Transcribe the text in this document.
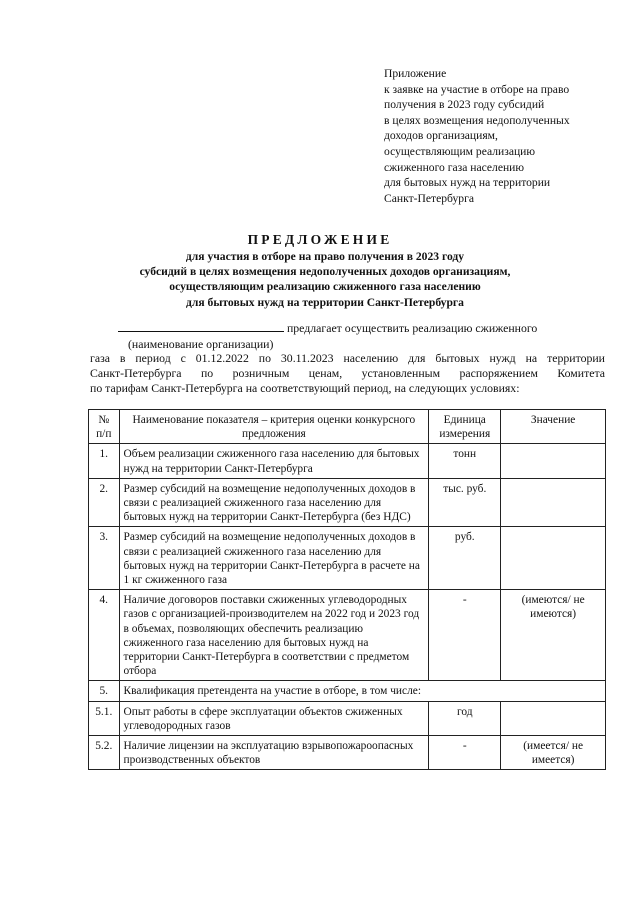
Приложение
к заявке на участие в отборе на право
получения в 2023 году субсидий
в целях возмещения недополученных
доходов организациям,
осуществляющим реализацию
сжиженного газа населению
для бытовых нужд на территории
Санкт-Петербурга
ПРЕДЛОЖЕНИЕ
для участия в отборе на право получения в 2023 году
субсидий в целях возмещения недополученных доходов организациям,
осуществляющим реализацию сжиженного газа населению
для бытовых нужд на территории Санкт-Петербурга
предлагает осуществить реализацию сжиженного
(наименование организации)
газа в период с 01.12.2022 по 30.11.2023 населению для бытовых нужд на территории
Санкт-Петербурга по розничным ценам, установленным распоряжением Комитета
по тарифам Санкт-Петербурга на соответствующий период, на следующих условиях:
№ п/п	Наименование показателя – критерия оценки конкурсного предложения	Единица измерения	Значение
1.	Объем реализации сжиженного газа населению для бытовых нужд на территории Санкт-Петербурга	тонн	
2.	Размер субсидий на возмещение недополученных доходов в связи с реализацией сжиженного газа населению для бытовых нужд на территории Санкт-Петербурга (без НДС)	тыс. руб.	
3.	Размер субсидий на возмещение недополученных доходов в связи с реализацией сжиженного газа населению для бытовых нужд на территории Санкт-Петербурга в расчете на 1 кг сжиженного газа	руб.	
4.	Наличие договоров поставки сжиженных углеводородных газов с организацией-производителем на 2022 год и 2023 год в объемах, позволяющих обеспечить реализацию сжиженного газа населению для бытовых нужд на территории Санкт-Петербурга в соответствии с предметом отбора	-	(имеются/ не имеются)
5.	Квалификация претендента на участие в отборе, в том числе:		
5.1.	Опыт работы в сфере эксплуатации объектов сжиженных углеводородных газов	год	
5.2.	Наличие лицензии на эксплуатацию взрывопожароопасных производственных объектов	-	(имеется/ не имеется)
